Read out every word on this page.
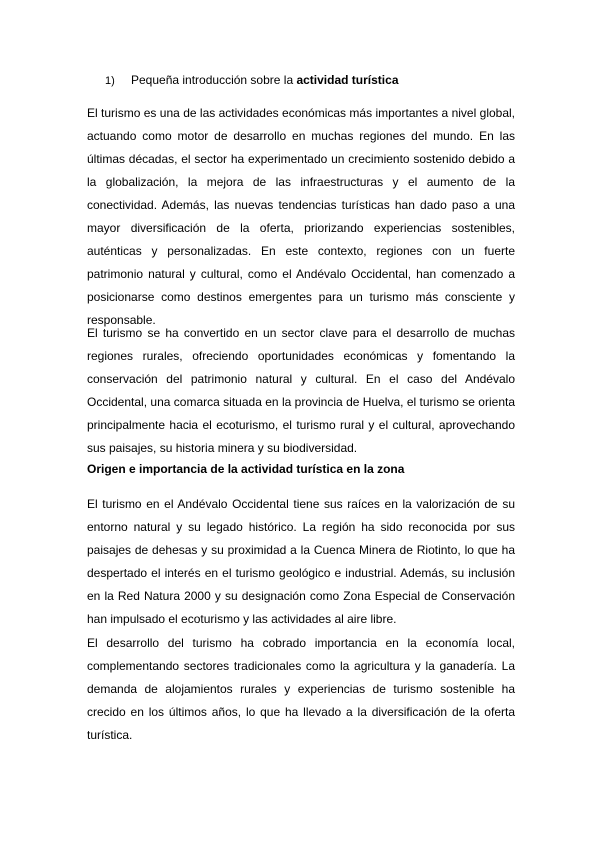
1) Pequeña introducción sobre la actividad turística

El turismo es una de las actividades económicas más importantes a nivel global, actuando como motor de desarrollo en muchas regiones del mundo. En las últimas décadas, el sector ha experimentado un crecimiento sostenido debido a la globalización, la mejora de las infraestructuras y el aumento de la conectividad. Además, las nuevas tendencias turísticas han dado paso a una mayor diversificación de la oferta, priorizando experiencias sostenibles, auténticas y personalizadas. En este contexto, regiones con un fuerte patrimonio natural y cultural, como el Andévalo Occidental, han comenzado a posicionarse como destinos emergentes para un turismo más consciente y responsable.

El turismo se ha convertido en un sector clave para el desarrollo de muchas regiones rurales, ofreciendo oportunidades económicas y fomentando la conservación del patrimonio natural y cultural. En el caso del Andévalo Occidental, una comarca situada en la provincia de Huelva, el turismo se orienta principalmente hacia el ecoturismo, el turismo rural y el cultural, aprovechando sus paisajes, su historia minera y su biodiversidad.

Origen e importancia de la actividad turística en la zona

El turismo en el Andévalo Occidental tiene sus raíces en la valorización de su entorno natural y su legado histórico. La región ha sido reconocida por sus paisajes de dehesas y su proximidad a la Cuenca Minera de Riotinto, lo que ha despertado el interés en el turismo geológico e industrial. Además, su inclusión en la Red Natura 2000 y su designación como Zona Especial de Conservación han impulsado el ecoturismo y las actividades al aire libre.

El desarrollo del turismo ha cobrado importancia en la economía local, complementando sectores tradicionales como la agricultura y la ganadería. La demanda de alojamientos rurales y experiencias de turismo sostenible ha crecido en los últimos años, lo que ha llevado a la diversificación de la oferta turística.
